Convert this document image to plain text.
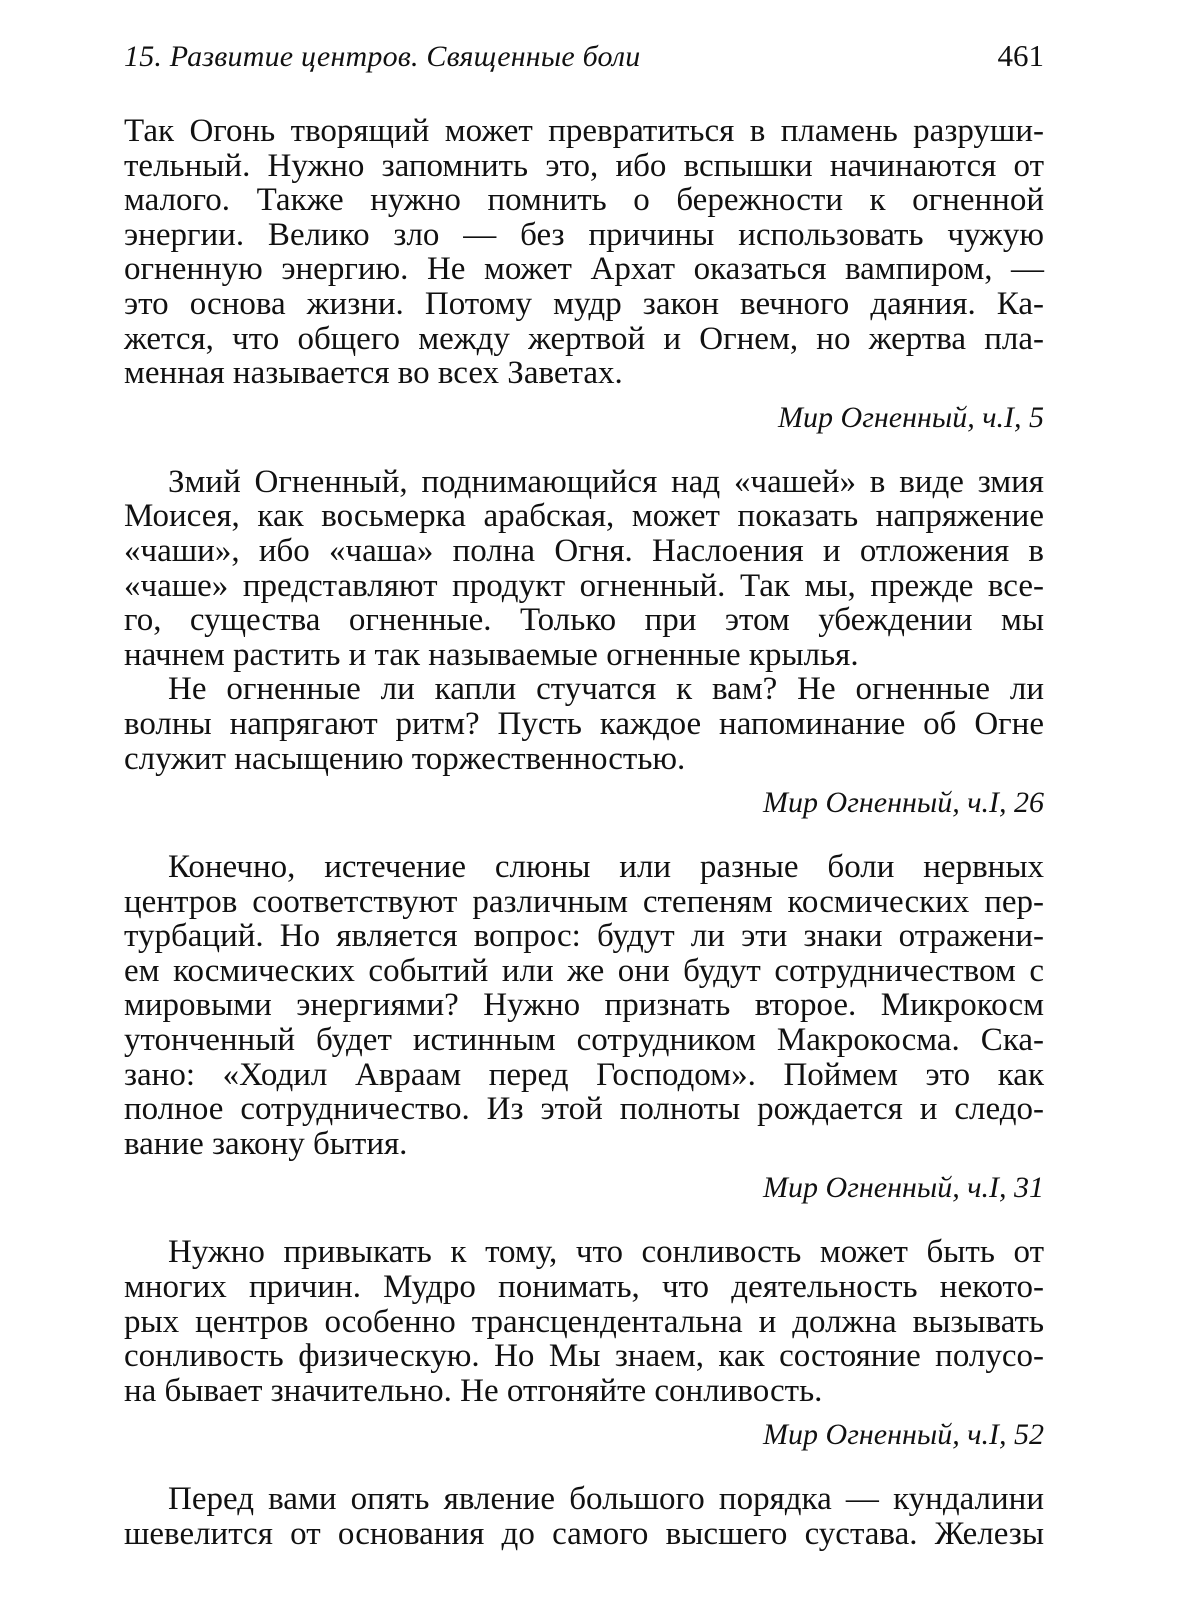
15. Развитие центров. Священные боли	461

Так Огонь творящий может превратиться в пламень разруши-
тельный. Нужно запомнить это, ибо вспышки начинаются от
малого. Также нужно помнить о бережности к огненной
энергии. Велико зло — без причины использовать чужую
огненную энергию. Не может Архат оказаться вампиром, —
это основа жизни. Потому мудр закон вечного даяния. Ка-
жется, что общего между жертвой и Огнем, но жертва пла-
менная называется во всех Заветах.

Мир Огненный, ч.I, 5

Змий Огненный, поднимающийся над «чашей» в виде змия
Моисея, как восьмерка арабская, может показать напряжение
«чаши», ибо «чаша» полна Огня. Наслоения и отложения в
«чаше» представляют продукт огненный. Так мы, прежде все-
го, существа огненные. Только при этом убеждении мы
начнем растить и так называемые огненные крылья.

Не огненные ли капли стучатся к вам? Не огненные ли
волны напрягают ритм? Пусть каждое напоминание об Огне
служит насыщению торжественностью.

Мир Огненный, ч.I, 26

Конечно, истечение слюны или разные боли нервных
центров соответствуют различным степеням космических пер-
турбаций. Но является вопрос: будут ли эти знаки отражени-
ем космических событий или же они будут сотрудничеством с
мировыми энергиями? Нужно признать второе. Микрокосм
утонченный будет истинным сотрудником Макрокосма. Ска-
зано: «Ходил Авраам перед Господом». Поймем это как
полное сотрудничество. Из этой полноты рождается и следо-
вание закону бытия.

Мир Огненный, ч.I, 31

Нужно привыкать к тому, что сонливость может быть от
многих причин. Мудро понимать, что деятельность некото-
рых центров особенно трансцендентальна и должна вызывать
сонливость физическую. Но Мы знаем, как состояние полусо-
на бывает значительно. Не отгоняйте сонливость.

Мир Огненный, ч.I, 52

Перед вами опять явление большого порядка — кундалини
шевелится от основания до самого высшего сустава. Железы
